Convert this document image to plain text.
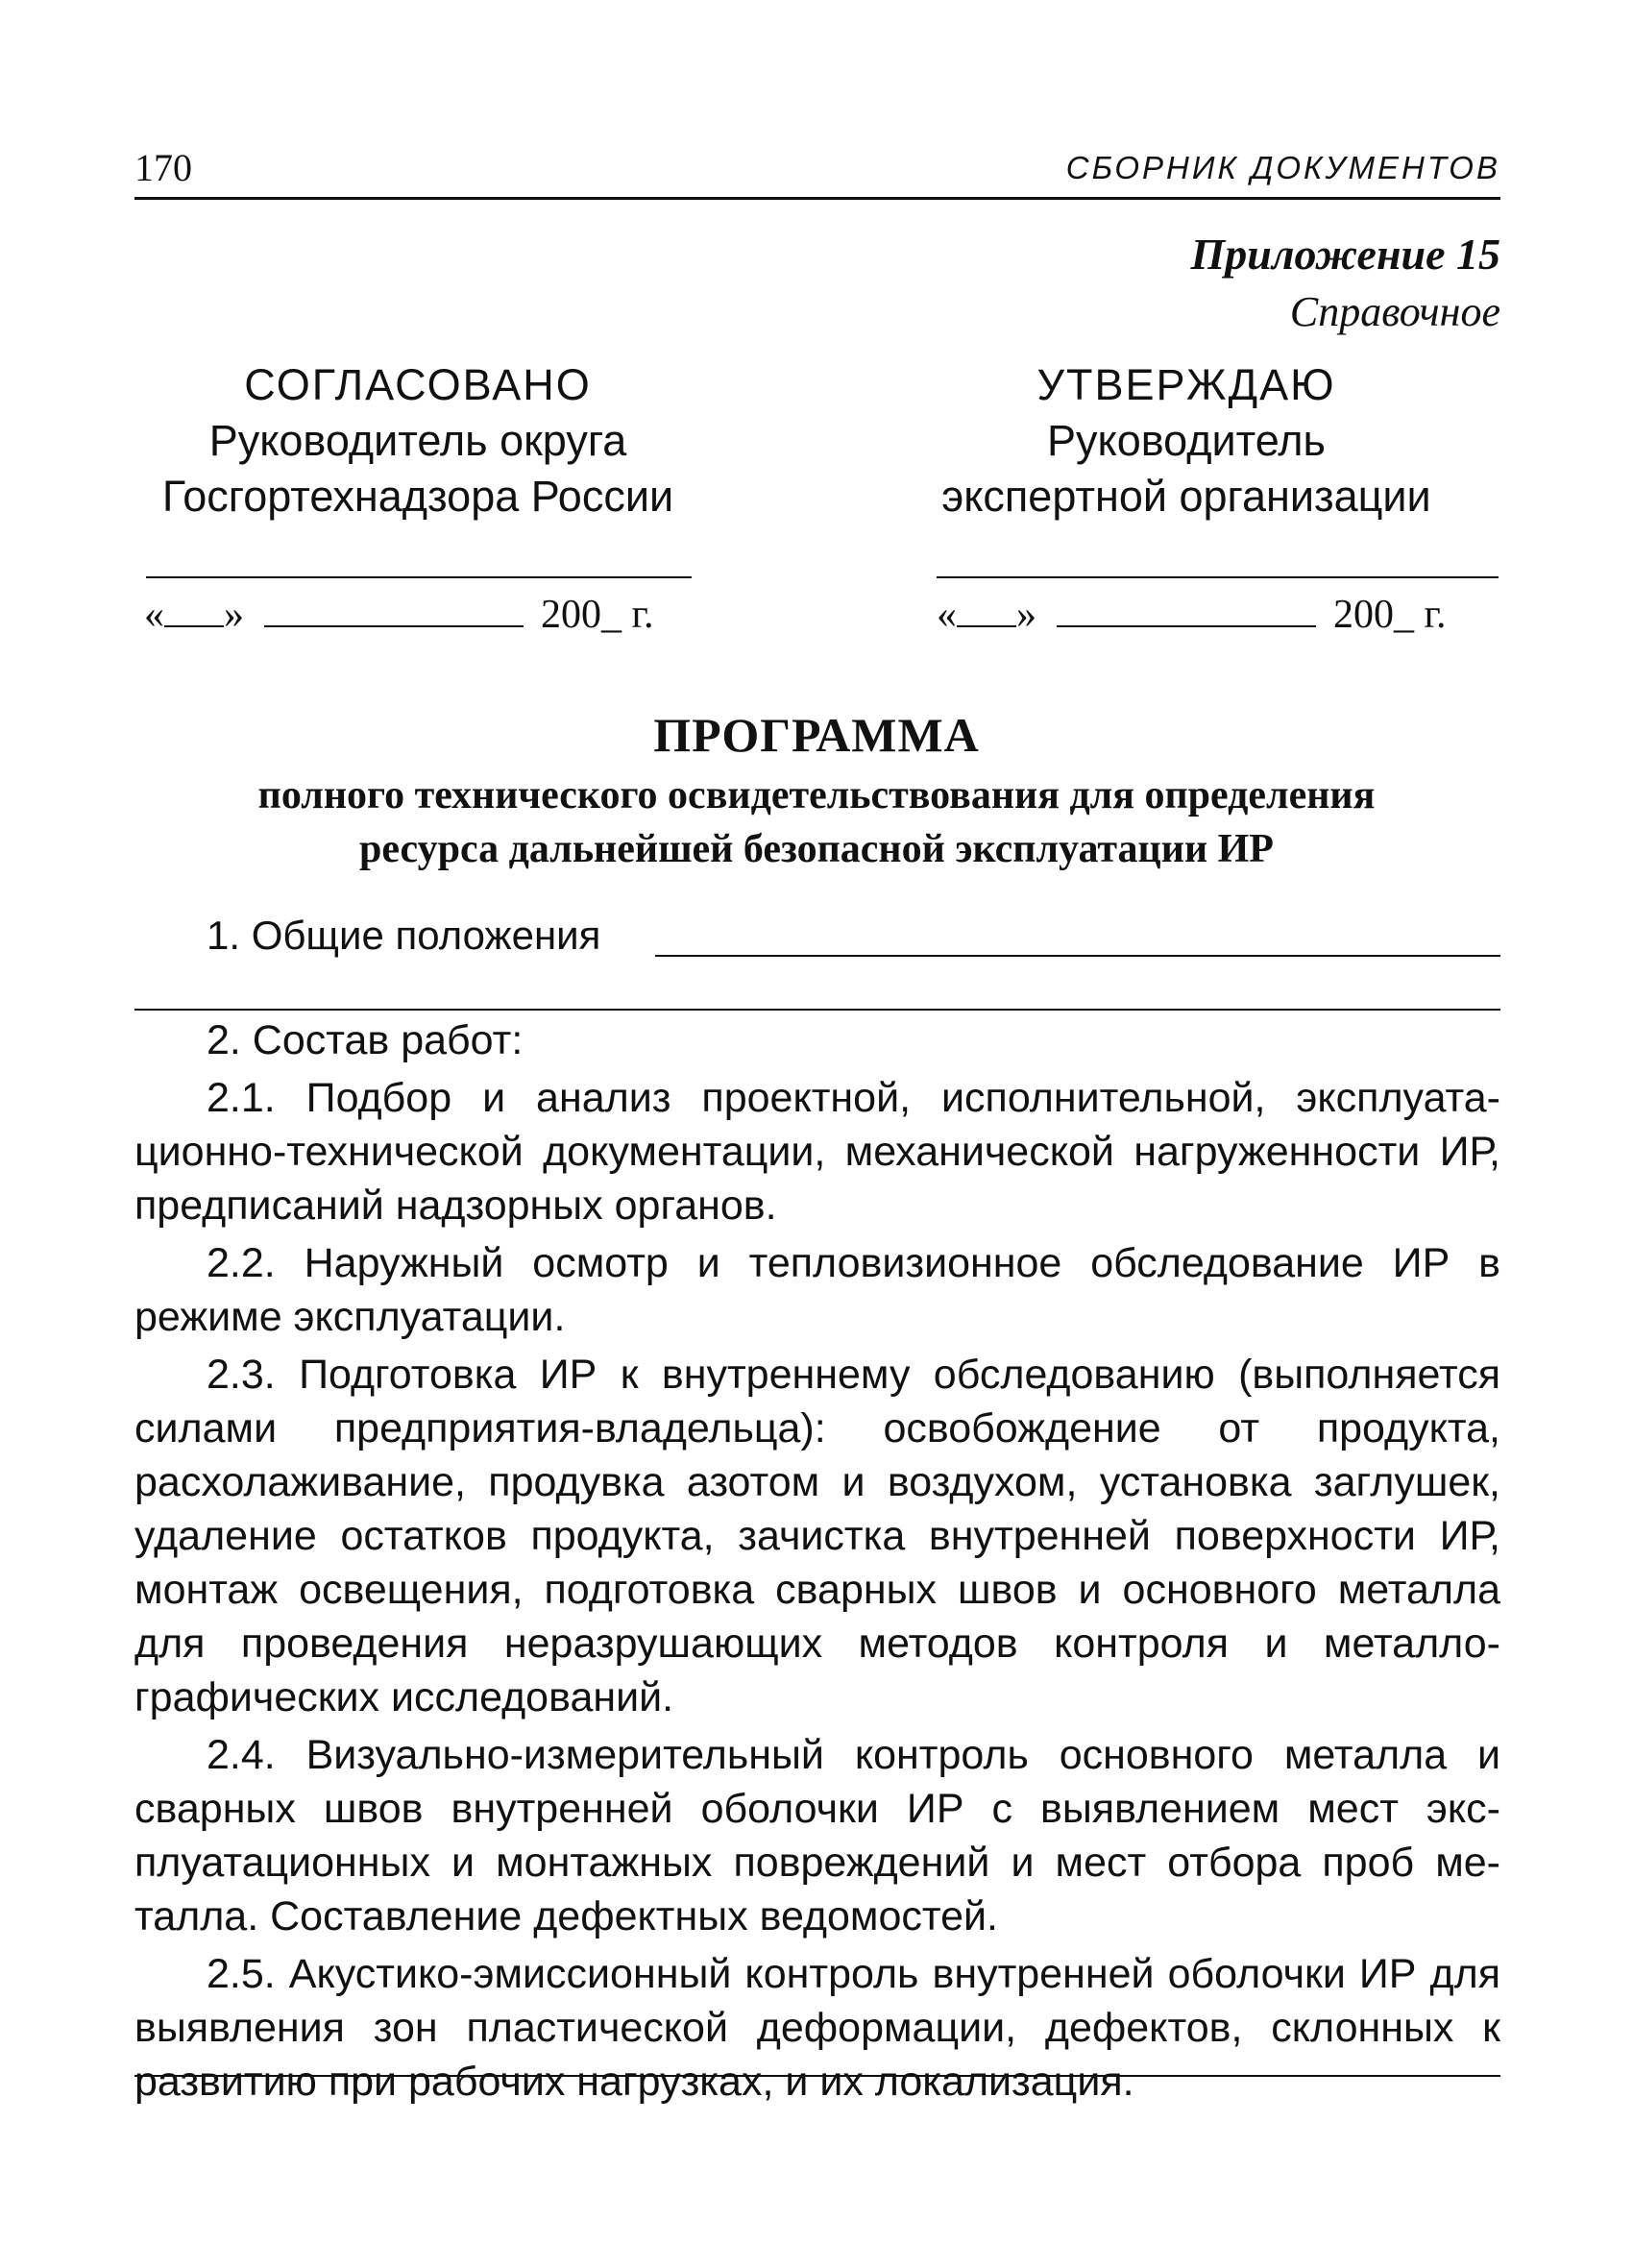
170	СБОРНИК ДОКУМЕНТОВ
Приложение 15
Справочное
СОГЛАСОВАНО
Руководитель округа
Госгортехнадзора России
« »	200_ г.
УТВЕРЖДАЮ
Руководитель
экспертной организации
« »	200_ г.
ПРОГРАММА
полного технического освидетельствования для определения
ресурса дальнейшей безопасной эксплуатации ИР
1. Общие положения

2. Состав работ:

2.1. Подбор и анализ проектной, исполнительной, эксплуатационно-технической документации, механической нагруженности ИР, предписаний надзорных органов.

2.2. Наружный осмотр и тепловизионное обследование ИР в режиме эксплуатации.

2.3. Подготовка ИР к внутреннему обследованию (выполняется силами предприятия-владельца): освобождение от продукта, расхолаживание, продувка азотом и воздухом, установка заглушек, удаление остатков продукта, зачистка внутренней поверхности ИР, монтаж освещения, подготовка сварных швов и основного металла для проведения неразрушающих методов контроля и металлографических исследований.

2.4. Визуально-измерительный контроль основного металла и сварных швов внутренней оболочки ИР с выявлением мест эксплуатационных и монтажных повреждений и мест отбора проб металла. Составление дефектных ведомостей.

2.5. Акустико-эмиссионный контроль внутренней оболочки ИР для выявления зон пластической деформации, дефектов, склонных к развитию при рабочих нагрузках, и их локализация.
